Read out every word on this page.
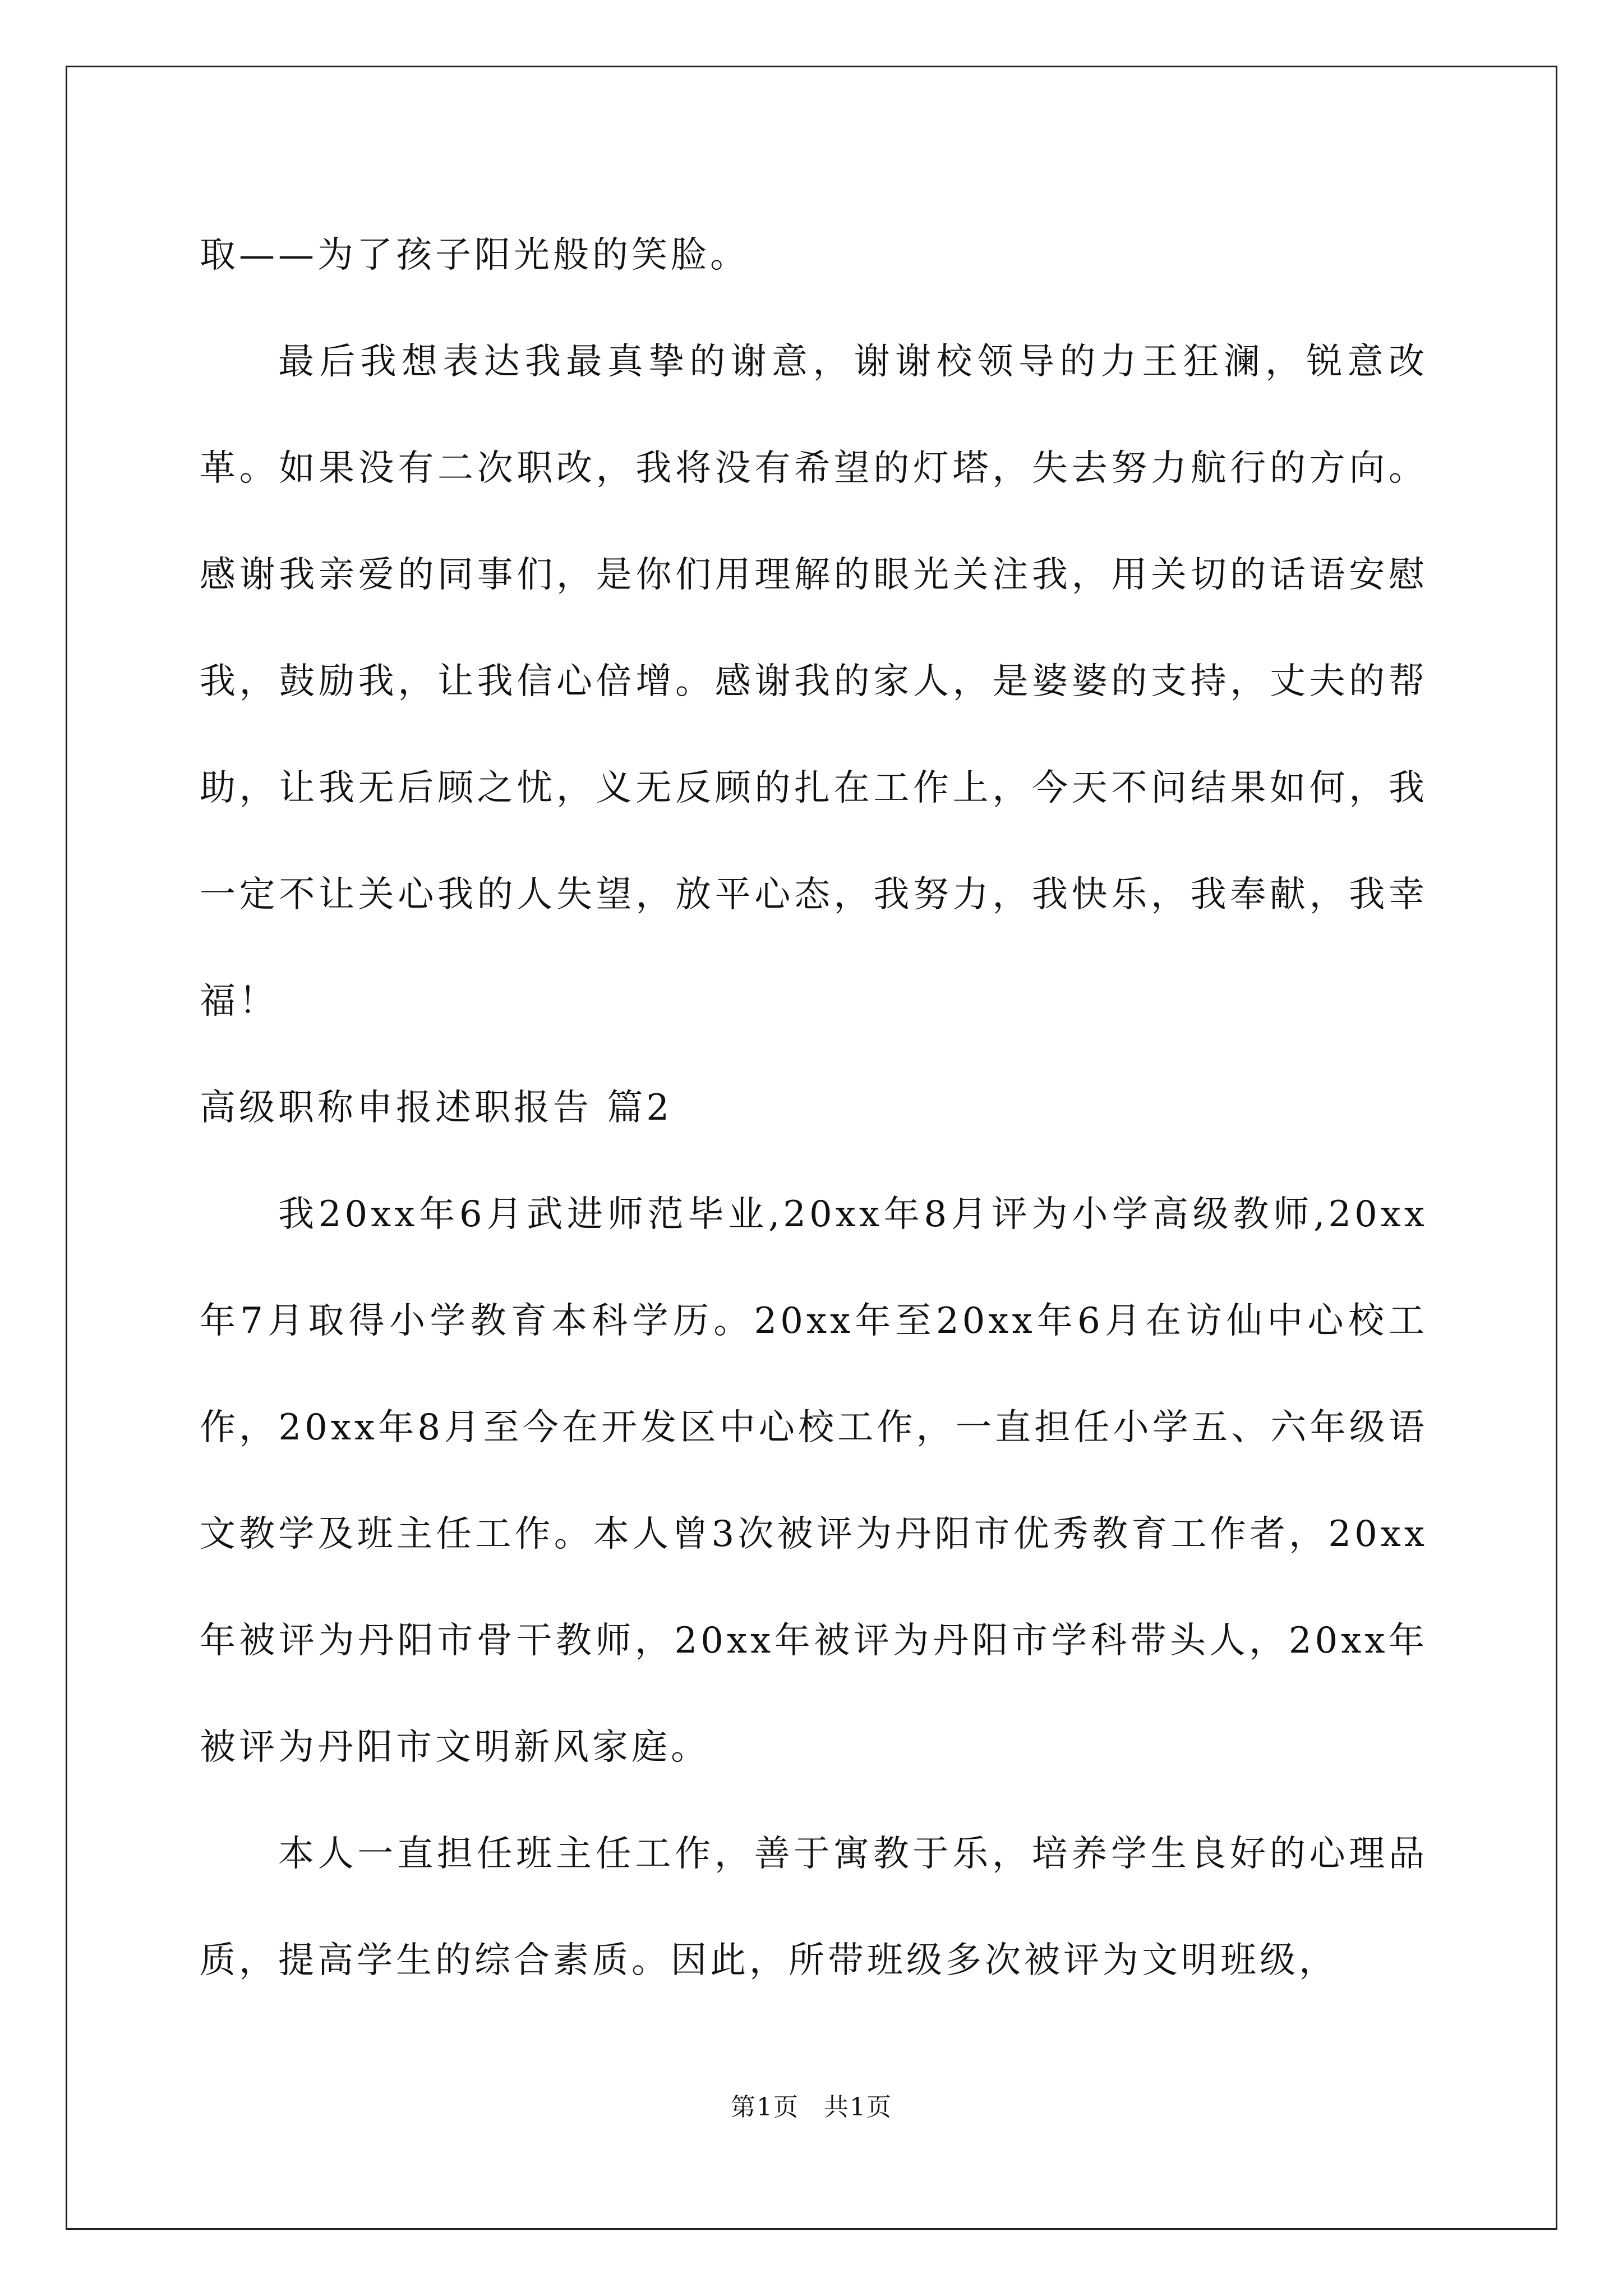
取——为了孩子阳光般的笑脸。

最后我想表达我最真挚的谢意，谢谢校领导的力王狂澜，锐意改革。如果没有二次职改，我将没有希望的灯塔，失去努力航行的方向。感谢我亲爱的同事们，是你们用理解的眼光关注我，用关切的话语安慰我，鼓励我，让我信心倍增。感谢我的家人，是婆婆的支持，丈夫的帮助，让我无后顾之忧，义无反顾的扎在工作上，今天不问结果如何，我一定不让关心我的人失望，放平心态，我努力，我快乐，我奉献，我幸福！

高级职称申报述职报告 篇2

我20xx年6月武进师范毕业,20xx年8月评为小学高级教师,20xx年7月取得小学教育本科学历。20xx年至20xx年6月在访仙中心校工作，20xx年8月至今在开发区中心校工作，一直担任小学五、六年级语文教学及班主任工作。本人曾3次被评为丹阳市优秀教育工作者，20xx年被评为丹阳市骨干教师，20xx年被评为丹阳市学科带头人，20xx年被评为丹阳市文明新风家庭。

本人一直担任班主任工作，善于寓教于乐，培养学生良好的心理品质，提高学生的综合素质。因此，所带班级多次被评为文明班级，

第1页 共1页
